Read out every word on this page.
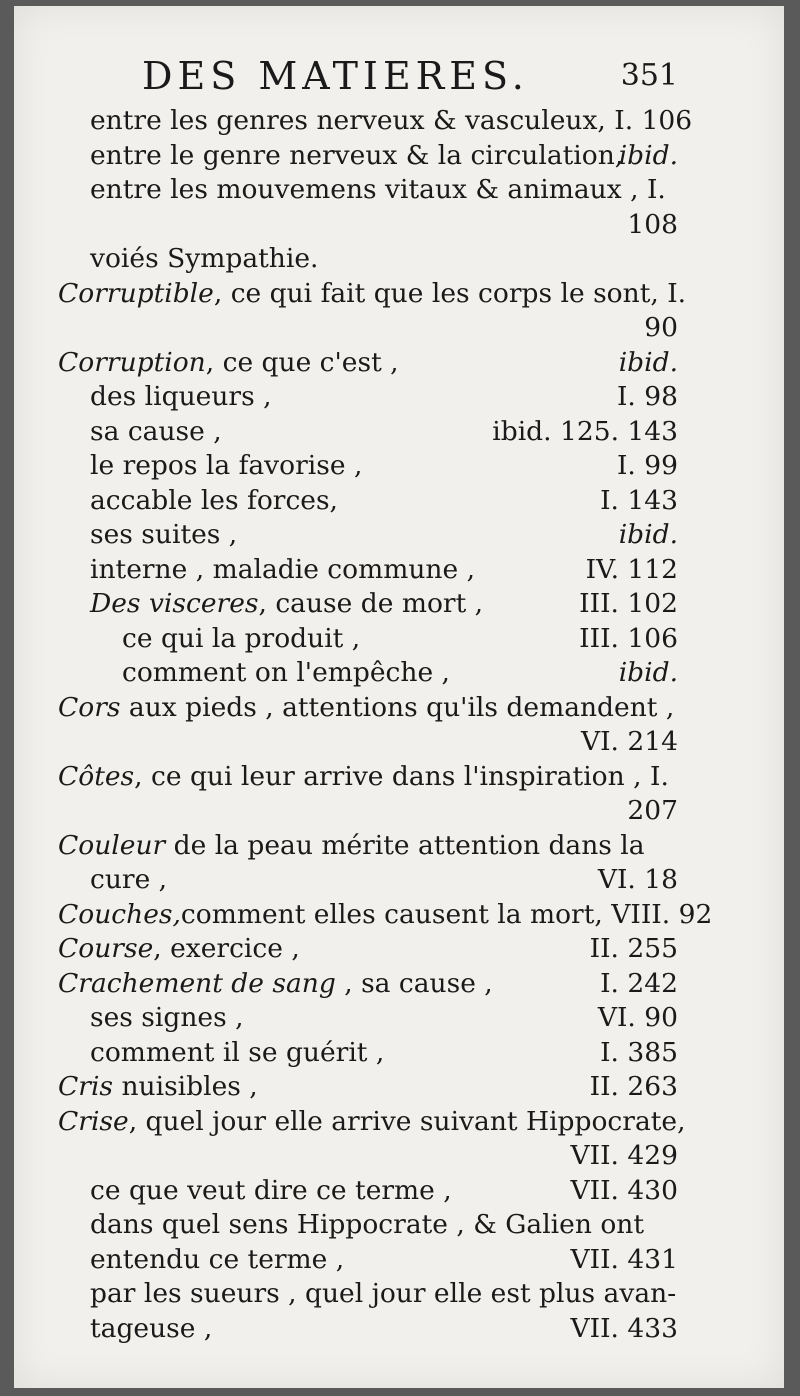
DES MATIERES.	351
entre les genres nerveux & vasculeux, I. 106
entre le genre nerveux & la circulation,
ibid.
entre les mouvemens vitaux & animaux , I.
108
voiés Sympathie.
Corruptible, ce qui fait que les corps le sont, I.
90
Corruption, ce que c'est ,	ibid.
des liqueurs ,	I. 98
sa cause ,	ibid. 125. 143
le repos la favorise ,	I. 99
accable les forces,	I. 143
ses suites ,	ibid.
interne , maladie commune ,	IV. 112
Des visceres, cause de mort ,	III. 102
ce qui la produit ,	III. 106
comment on l'empêche ,	ibid.
Cors aux pieds , attentions qu'ils demandent ,
VI. 214
Côtes, ce qui leur arrive dans l'inspiration , I.
207
Couleur de la peau mérite attention dans la
cure ,	VI. 18
Couches,comment elles causent la mort, VIII. 92
Course, exercice ,	II. 255
Crachement de sang , sa cause ,	I. 242
ses signes ,	VI. 90
comment il se guérit ,	I. 385
Cris nuisibles ,	II. 263
Crise, quel jour elle arrive suivant Hippocrate,
VII. 429
ce que veut dire ce terme ,	VII. 430
dans quel sens Hippocrate , & Galien ont
entendu ce terme ,	VII. 431
par les sueurs , quel jour elle est plus avan-
tageuse ,	VII. 433
